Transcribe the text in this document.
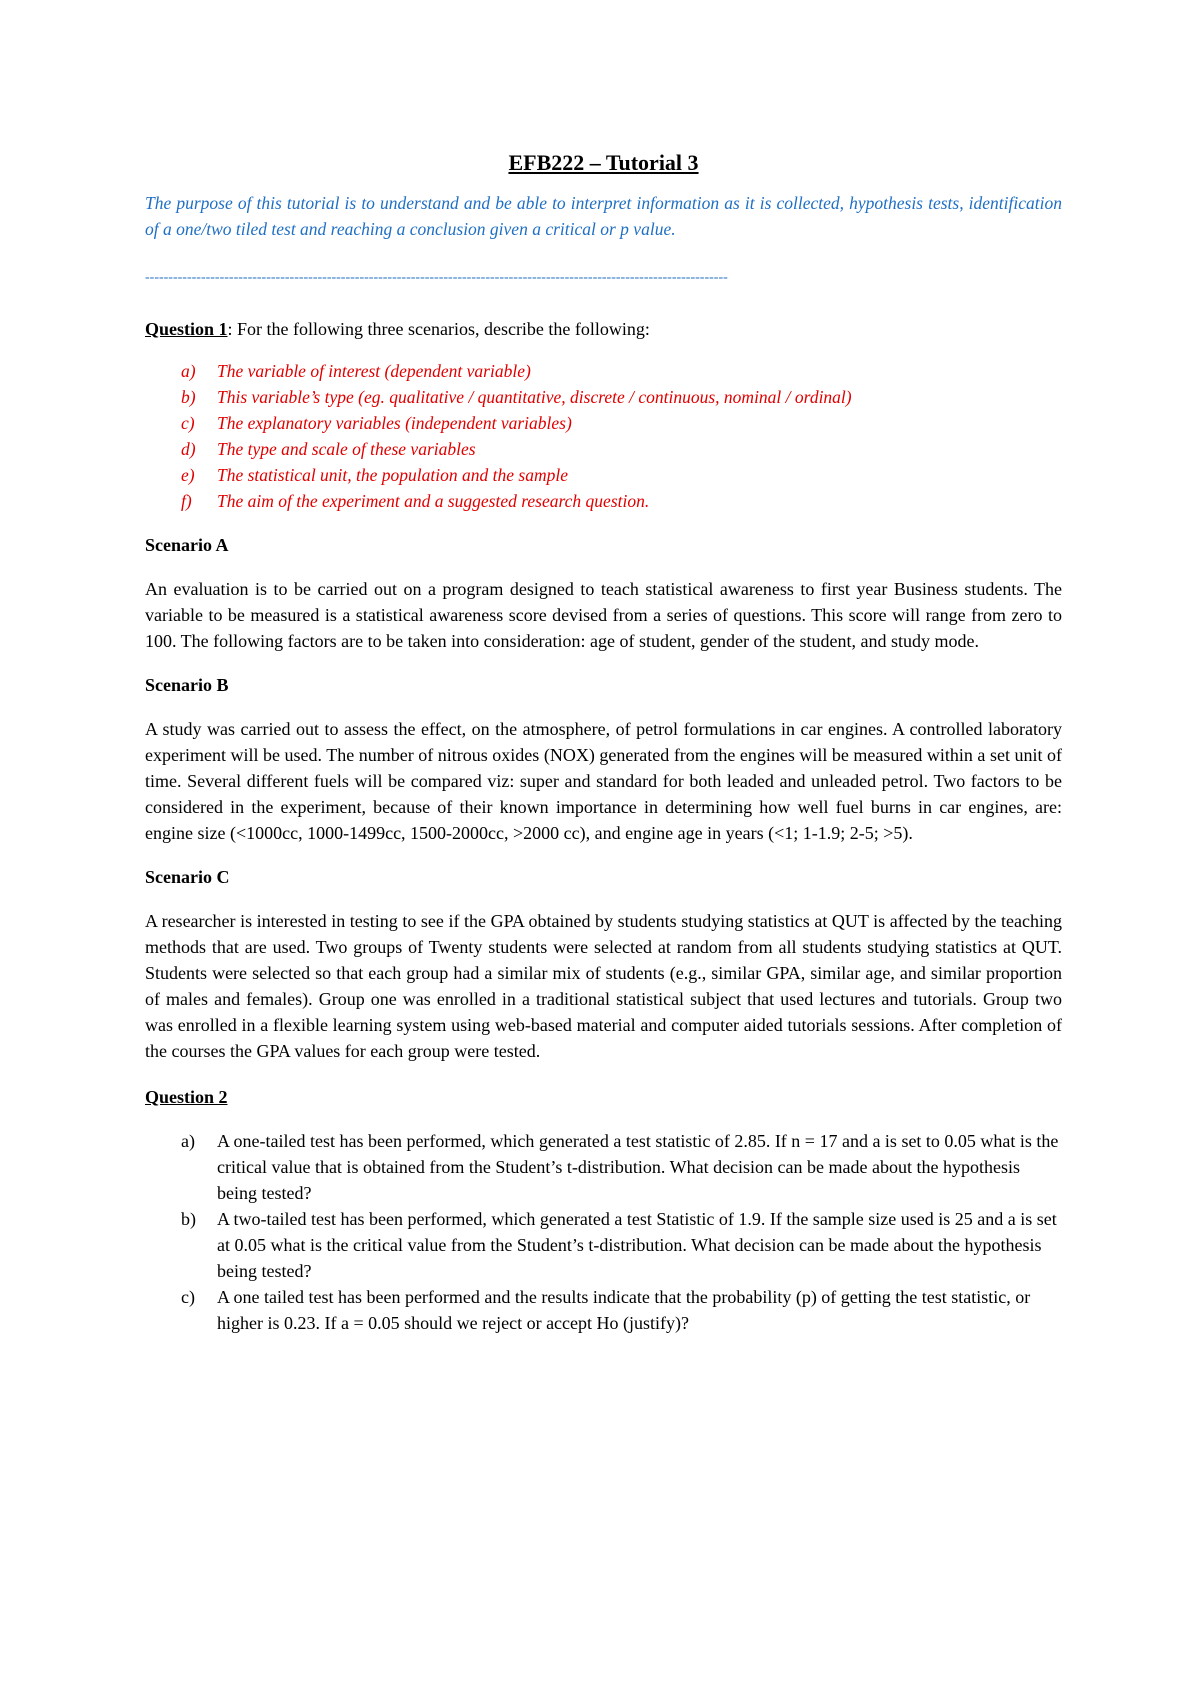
EFB222 – Tutorial 3

The purpose of this tutorial is to understand and be able to interpret information as it is collected, hypothesis tests, identification of a one/two tiled test and reaching a conclusion given a critical or p value.

-----------------------------------------------------------------------------------------------------------------------------

Question 1: For the following three scenarios, describe the following:

a)	The variable of interest (dependent variable)
b)	This variable’s type (eg. qualitative / quantitative, discrete / continuous, nominal / ordinal)
c)	The explanatory variables (independent variables)
d)	The type and scale of these variables
e)	The statistical unit, the population and the sample
f)	The aim of the experiment and a suggested research question.

Scenario A

An evaluation is to be carried out on a program designed to teach statistical awareness to first year Business students. The variable to be measured is a statistical awareness score devised from a series of questions. This score will range from zero to 100. The following factors are to be taken into consideration: age of student, gender of the student, and study mode.

Scenario B

A study was carried out to assess the effect, on the atmosphere, of petrol formulations in car engines. A controlled laboratory experiment will be used. The number of nitrous oxides (NOX) generated from the engines will be measured within a set unit of time. Several different fuels will be compared viz: super and standard for both leaded and unleaded petrol. Two factors to be considered in the experiment, because of their known importance in determining how well fuel burns in car engines, are: engine size (<1000cc, 1000-1499cc, 1500-2000cc, >2000 cc), and engine age in years (<1; 1-1.9; 2-5; >5).

Scenario C

A researcher is interested in testing to see if the GPA obtained by students studying statistics at QUT is affected by the teaching methods that are used. Two groups of Twenty students were selected at random from all students studying statistics at QUT. Students were selected so that each group had a similar mix of students (e.g., similar GPA, similar age, and similar proportion of males and females). Group one was enrolled in a traditional statistical subject that used lectures and tutorials. Group two was enrolled in a flexible learning system using web-based material and computer aided tutorials sessions. After completion of the courses the GPA values for each group were tested.

Question 2

a)	A one-tailed test has been performed, which generated a test statistic of 2.85. If n = 17 and a is set to 0.05 what is the critical value that is obtained from the Student’s t-distribution. What decision can be made about the hypothesis being tested?
b)	A two-tailed test has been performed, which generated a test Statistic of 1.9. If the sample size used is 25 and a is set at 0.05 what is the critical value from the Student’s t-distribution. What decision can be made about the hypothesis being tested?
c)	A one tailed test has been performed and the results indicate that the probability (p) of getting the test statistic, or higher is 0.23. If a = 0.05 should we reject or accept Ho (justify)?
